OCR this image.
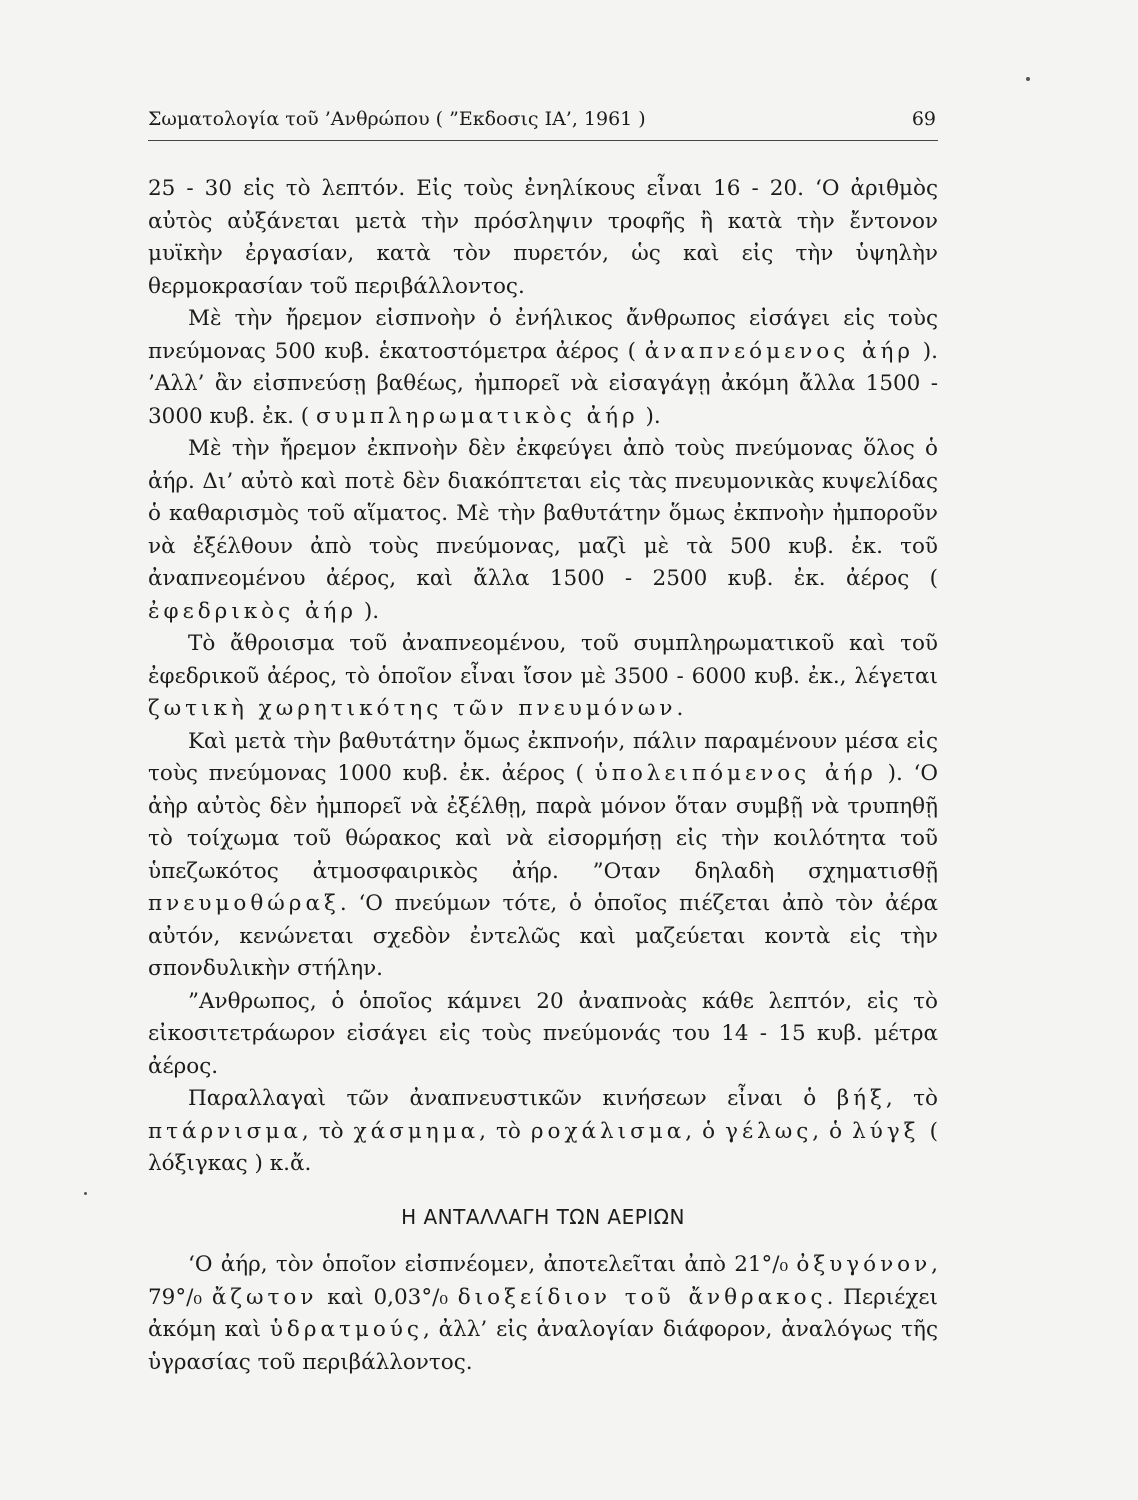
Σωματολογία τοῦ ’Ανθρώπου ( ”Εκδοσις ΙΑ’, 1961 )	69

25 - 30 εἰς τὸ λεπτόν. Εἰς τοὺς ἐνηλίκους εἶναι 16 - 20. ‘Ο ἀριθμὸς αὐτὸς αὐξάνεται μετὰ τὴν πρόσληψιν τροφῆς ἢ κατὰ τὴν ἔντονον μυϊκὴν ἐργασίαν, κατὰ τὸν πυρετόν, ὡς καὶ εἰς τὴν ὑψηλὴν θερμοκρασίαν τοῦ περιβάλλοντος.

Μὲ τὴν ἤρεμον εἰσπνοὴν ὁ ἐνήλικος ἄνθρωπος εἰσάγει εἰς τοὺς πνεύμονας 500 κυβ. ἑκατοστόμετρα ἀέρος ( ἀναπνεόμενος ἀήρ ). ’Αλλ’ ἂν εἰσπνεύσῃ βαθέως, ἠμπορεῖ νὰ εἰσαγάγῃ ἀκόμη ἄλλα 1500 - 3000 κυβ. ἐκ. ( συμπληρωματικὸς ἀήρ ).

Μὲ τὴν ἤρεμον ἐκπνοὴν δὲν ἐκφεύγει ἀπὸ τοὺς πνεύμονας ὅλος ὁ ἀήρ. Δι’ αὐτὸ καὶ ποτὲ δὲν διακόπτεται εἰς τὰς πνευμονικὰς κυψελίδας ὁ καθαρισμὸς τοῦ αἵματος. Μὲ τὴν βαθυτάτην ὅμως ἐκπνοὴν ἠμποροῦν νὰ ἐξέλθουν ἀπὸ τοὺς πνεύμονας, μαζὶ μὲ τὰ 500 κυβ. ἐκ. τοῦ ἀναπνεομένου ἀέρος, καὶ ἄλλα 1500 - 2500 κυβ. ἐκ. ἀέρος ( ἐφεδρικὸς ἀήρ ).

Τὸ ἄθροισμα τοῦ ἀναπνεομένου, τοῦ συμπληρωματικοῦ καὶ τοῦ ἐφεδρικοῦ ἀέρος, τὸ ὁποῖον εἶναι ἴσον μὲ 3500 - 6000 κυβ. ἐκ., λέγεται ζωτικὴ χωρητικότης τῶν πνευμόνων.

Καὶ μετὰ τὴν βαθυτάτην ὅμως ἐκπνοήν, πάλιν παραμένουν μέσα εἰς τοὺς πνεύμονας 1000 κυβ. ἐκ. ἀέρος ( ὑπολειπόμενος ἀήρ ). ‘Ο ἀὴρ αὐτὸς δὲν ἠμπορεῖ νὰ ἐξέλθῃ, παρὰ μόνον ὅταν συμβῇ νὰ τρυπηθῇ τὸ τοίχωμα τοῦ θώρακος καὶ νὰ εἰσορμήσῃ εἰς τὴν κοιλότητα τοῦ ὑπεζωκότος ἀτμοσφαιρικὸς ἀήρ. ”Οταν δηλαδὴ σχηματισθῇ πνευμοθώραξ. ‘Ο πνεύμων τότε, ὁ ὁποῖος πιέζεται ἀπὸ τὸν ἀέρα αὐτόν, κενώνεται σχεδὸν ἐντελῶς καὶ μαζεύεται κοντὰ εἰς τὴν σπονδυλικὴν στήλην.

”Ανθρωπος, ὁ ὁποῖος κάμνει 20 ἀναπνοὰς κάθε λεπτόν, εἰς τὸ εἰκοσιτετράωρον εἰσάγει εἰς τοὺς πνεύμονάς του 14 - 15 κυβ. μέτρα ἀέρος.

Παραλλαγαὶ τῶν ἀναπνευστικῶν κινήσεων εἶναι ὁ βήξ, τὸ πτάρνισμα, τὸ χάσμημα, τὸ ροχάλισμα, ὁ γέλως, ὁ λύγξ ( λόξιγκας ) κ.ἄ.

Η ΑΝΤΑΛΛΑΓΗ ΤΩΝ ΑΕΡΙΩΝ

‘Ο ἀήρ, τὸν ὁποῖον εἰσπνέομεν, ἀποτελεῖται ἀπὸ 21°/₀ ὀξυγόνον, 79°/₀ ἄζωτον καὶ 0,03°/₀ διοξείδιον τοῦ ἄνθρακος. Περιέχει ἀκόμη καὶ ὑδρατμούς, ἀλλ’ εἰς ἀναλογίαν διάφορον, ἀναλόγως τῆς ὑγρασίας τοῦ περιβάλλοντος.
